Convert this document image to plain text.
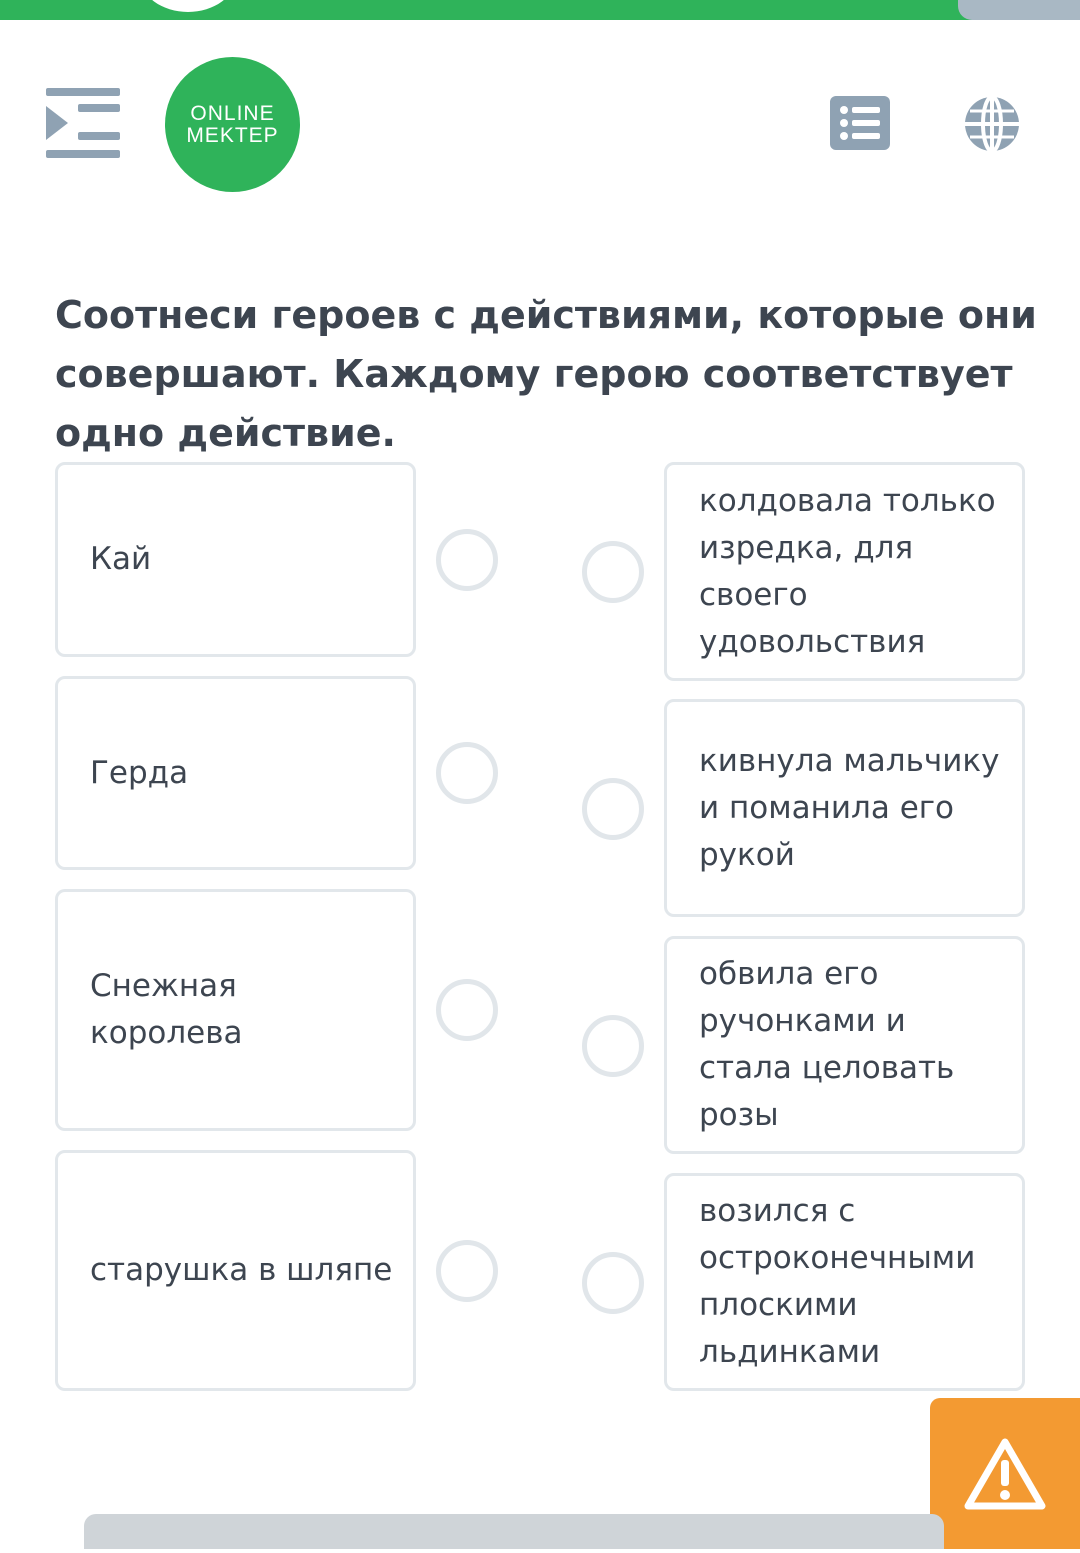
ONLINE
MEKTEP

Соотнеси героев с действиями, которые они совершают. Каждому герою соответствует одно действие.

Кай
Герда
Снежная королева
старушка в шляпе
колдовала только изредка, для своего удовольствия
кивнула мальчику и поманила его рукой
обвила его ручонками и стала целовать розы
возился с остроконечными плоскими льдинками
